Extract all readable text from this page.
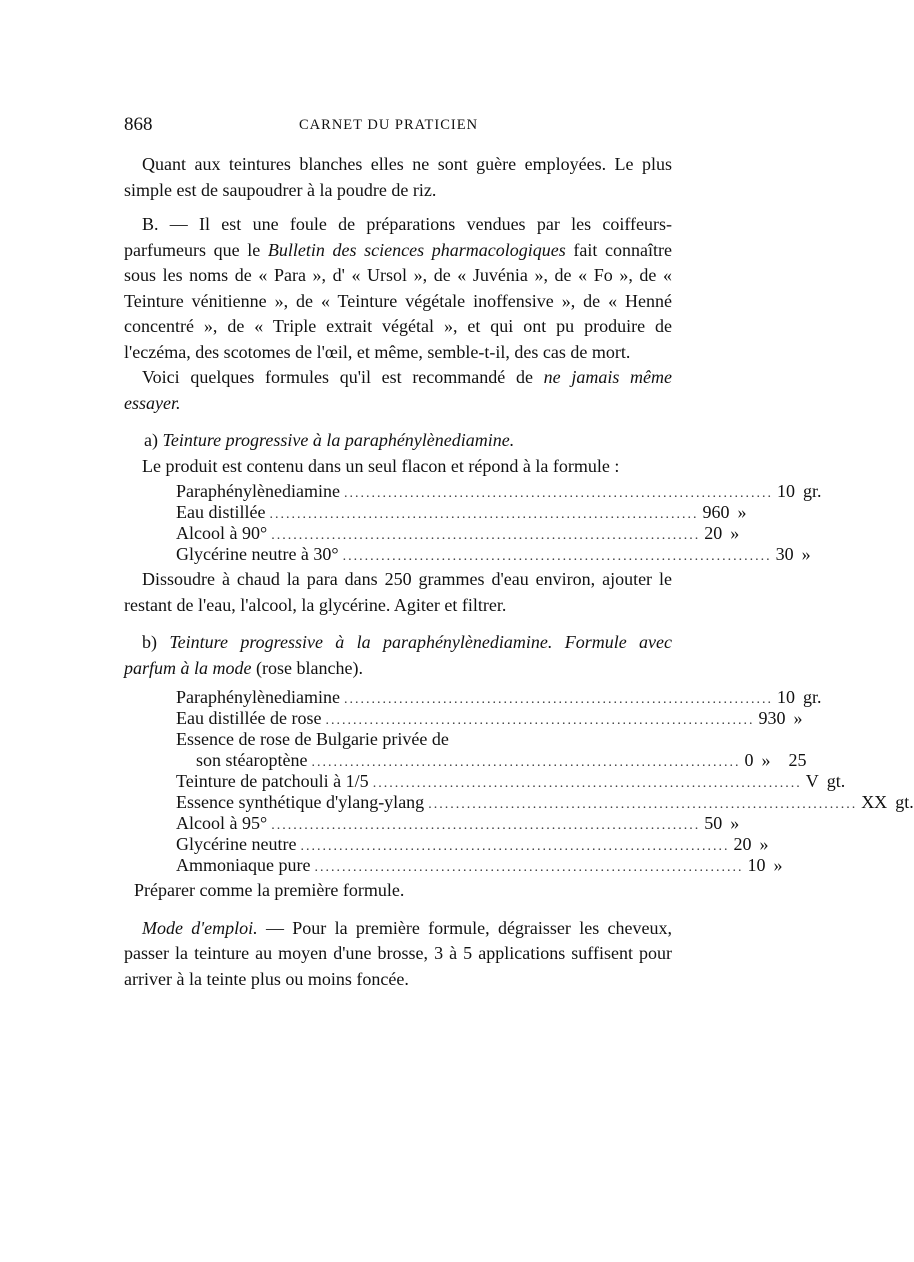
868	CARNET DU PRATICIEN

Quant aux teintures blanches elles ne sont guère employées. Le plus simple est de saupoudrer à la poudre de riz.

B. — Il est une foule de préparations vendues par les coiffeurs-parfumeurs que le Bulletin des sciences pharmacologiques fait connaître sous les noms de « Para », d' « Ursol », de « Juvénia », de « Fo », de « Teinture vénitienne », de « Teinture végétale inoffensive », de « Henné concentré », de « Triple extrait végétal », et qui ont pu produire de l'eczéma, des scotomes de l'œil, et même, semble-t-il, des cas de mort.

Voici quelques formules qu'il est recommandé de ne jamais même essayer.

a) Teinture progressive à la paraphénylènediamine.

Le produit est contenu dans un seul flacon et répond à la formule :

Paraphénylènediamine .............................................................................. 10 gr.
Eau distillée .............................................................................. 960 »
Alcool à 90° .............................................................................. 20 »
Glycérine neutre à 30° .............................................................................. 30 »

Dissoudre à chaud la para dans 250 grammes d'eau environ, ajouter le restant de l'eau, l'alcool, la glycérine. Agiter et filtrer.

b) Teinture progressive à la paraphénylènediamine. Formule avec parfum à la mode (rose blanche).

Paraphénylènediamine .............................................................................. 10 gr.
Eau distillée de rose .............................................................................. 930 »
Essence de rose de Bulgarie privée de
son stéaroptène .............................................................................. 0 » 25
Teinture de patchouli à 1/5 .............................................................................. V gt.
Essence synthétique d'ylang-ylang .............................................................................. XX gt.
Alcool à 95° .............................................................................. 50 »
Glycérine neutre .............................................................................. 20 »
Ammoniaque pure .............................................................................. 10 »

Préparer comme la première formule.

Mode d'emploi. — Pour la première formule, dégraisser les cheveux, passer la teinture au moyen d'une brosse, 3 à 5 applications suffisent pour arriver à la teinte plus ou moins foncée.
